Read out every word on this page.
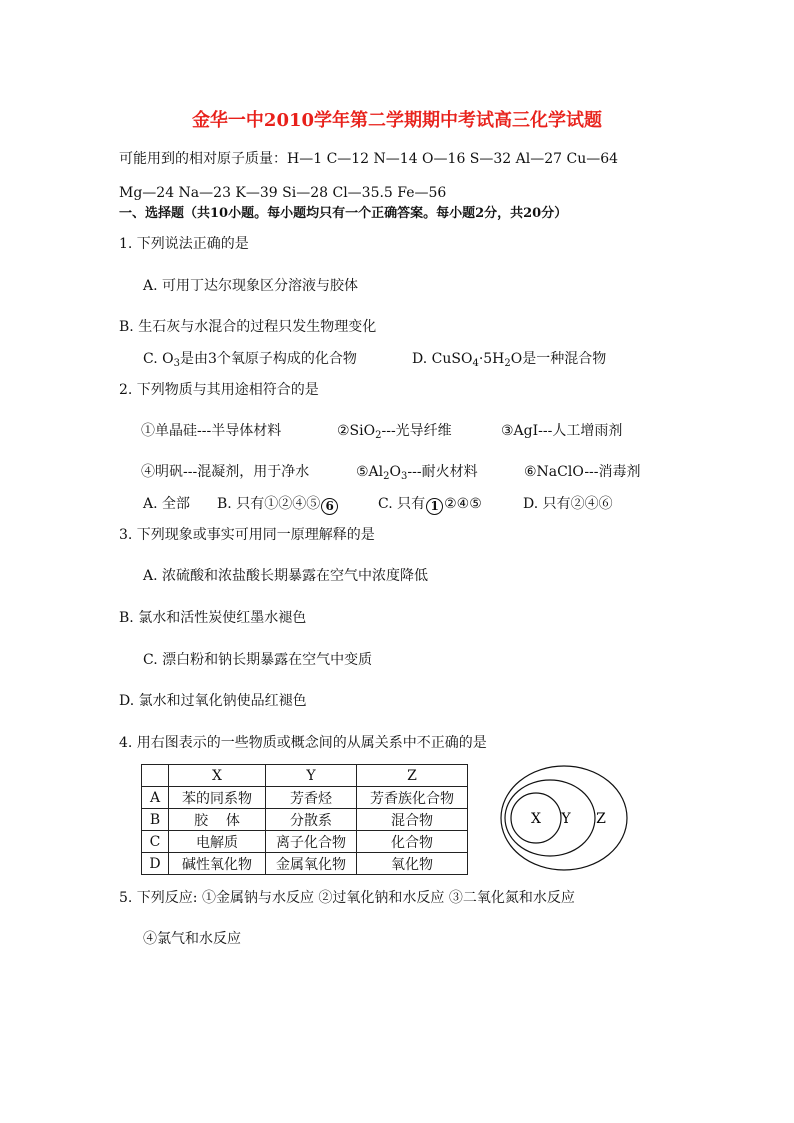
金华一中2010学年第二学期期中考试高三化学试题
可能用到的相对原子质量：H—1 C—12 N—14 O—16 S—32 Al—27 Cu—64
Mg—24 Na—23 K—39 Si—28 Cl—35.5 Fe—56
一、选择题（共10小题。每小题均只有一个正确答案。每小题2分，共20分）
1. 下列说法正确的是
A. 可用丁达尔现象区分溶液与胶体
B. 生石灰与水混合的过程只发生物理变化
C. $O_3$是由3个氧原子构成的化合物	D. $CuSO_4\cdot 5H_2O$是一种混合物
2. 下列物质与其用途相符合的是
①单晶硅---半导体材料	②SiO$_2$---光导纤维	③AgI---人工增雨剂
④明矾---混凝剂，用于净水	$⑤Al_2O_3---$耐火材料	⑥NaClO---消毒剂
A. 全部 B. 只有①②④⑤ 6	C. 只有 1 ②④⑤	D. 只有②④⑥
3. 下列现象或事实可用同一原理解释的是
A. 浓硫酸和浓盐酸长期暴露在空气中浓度降低
B. 氯水和活性炭使红墨水褪色
C. 漂白粉和钠长期暴露在空气中变质
D. 氯水和过氧化钠使品红褪色
4. 用右图表示的一些物质或概念间的从属关系中不正确的是
	X	Y	Z
A	苯的同系物	芳香烃	芳香族化合物
B	胶    体	分散系	混合物
C	电解质	离子化合物	化合物
D	碱性氧化物	金属氧化物	氧化物
X Y Z
5. 下列反应: ①金属钠与水反应 ②过氧化钠和水反应 ③二氧化氮和水反应
④氯气和水反应
